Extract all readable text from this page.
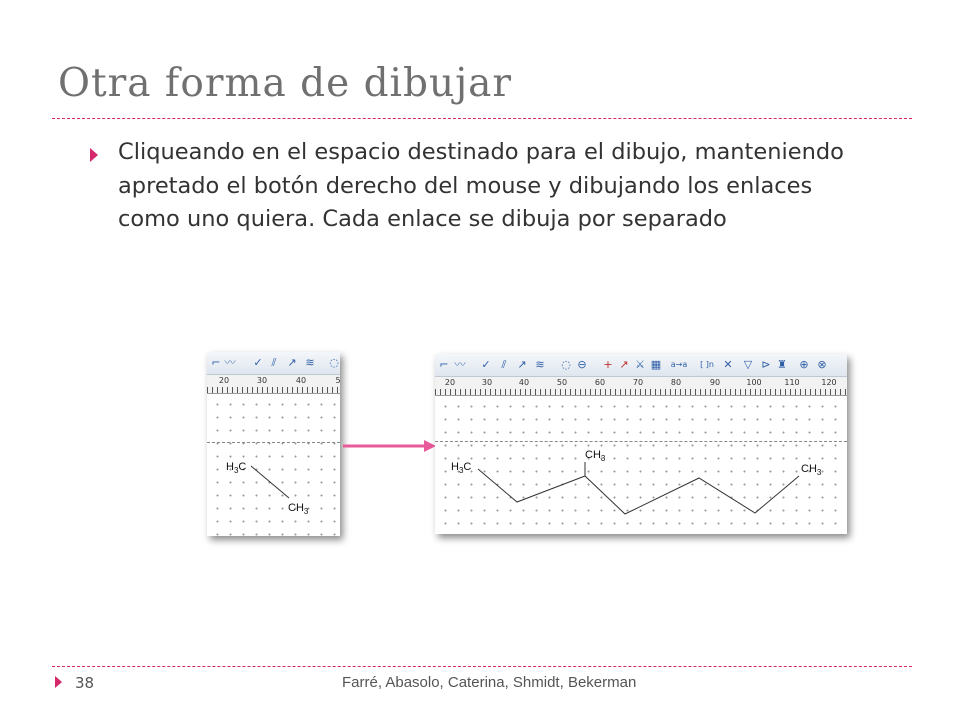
Otra forma de dibujar
Cliqueando en el espacio destinado para el dibujo, manteniendo apretado el botón derecho del mouse y dibujando los enlaces como uno quiera. Cada enlace se dibuja por separado
⌐ 〰 ✓ ⫽ ↗ ≋ ◌
20	30	40	5
$H_3C$
$CH_3$
⌐ 〰 ✓ ⫽ ↗ ≋ ◌ ⊖ + ↗ ⚔ ▦	a→a	[ ]n ✕ ▽ ⊳ ♜ ⊕ ⊗
20	30	40	50	60	70	80	90	100	110	120
$H_3C$
$CH_3$
$CH_3$
38	Farré, Abasolo, Caterina, Shmidt, Bekerman
